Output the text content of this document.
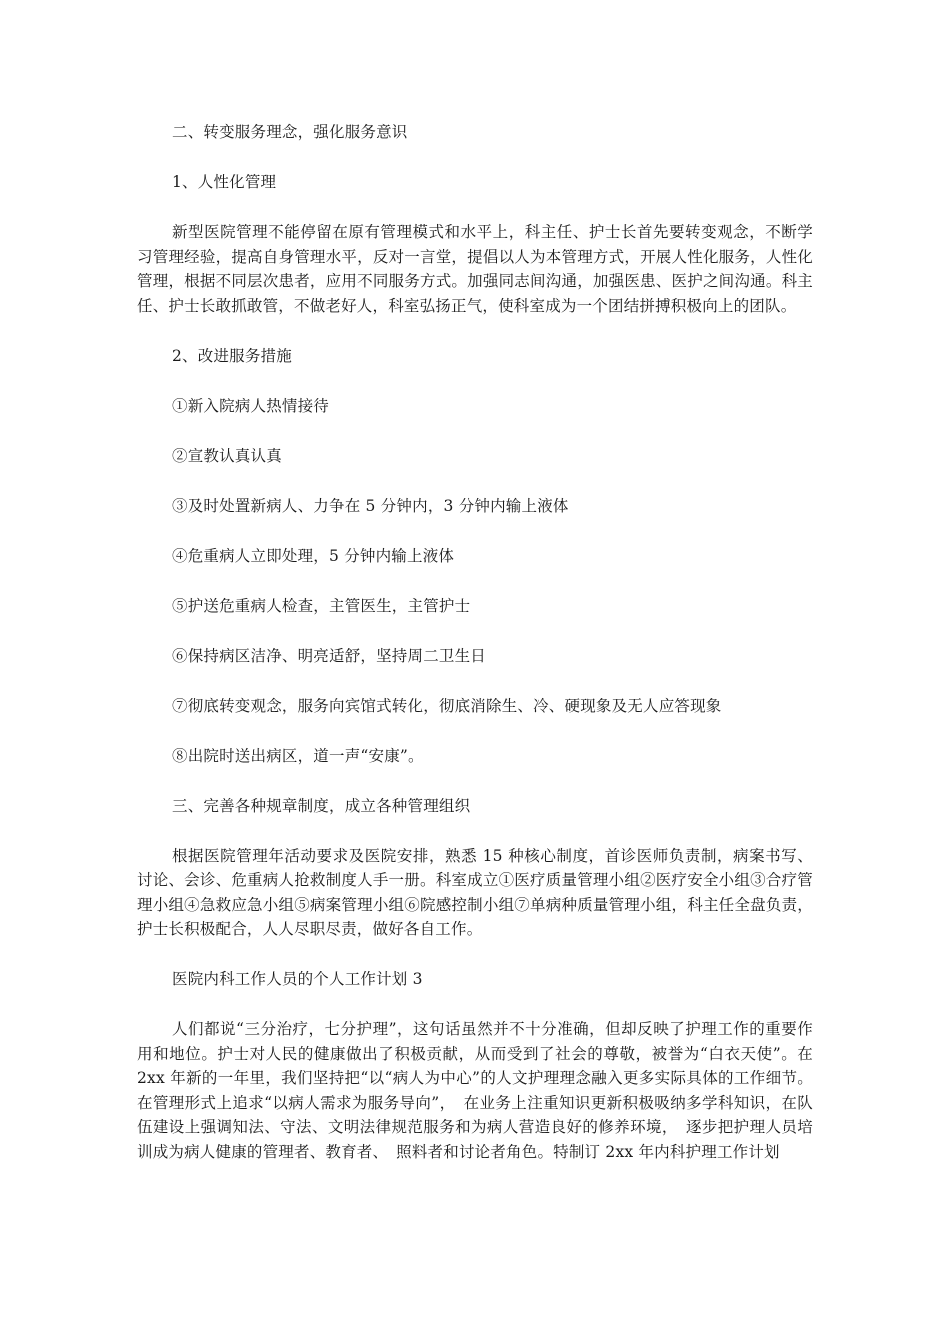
二、转变服务理念，强化服务意识

1、人性化管理

新型医院管理不能停留在原有管理模式和水平上，科主任、护士长首先要转变观念，不断学习管理经验，提高自身管理水平，反对一言堂，提倡以人为本管理方式，开展人性化服务，人性化管理，根据不同层次患者，应用不同服务方式。加强同志间沟通，加强医患、医护之间沟通。科主任、护士长敢抓敢管，不做老好人，科室弘扬正气，使科室成为一个团结拼搏积极向上的团队。

2、改进服务措施

①新入院病人热情接待

②宣教认真认真

③及时处置新病人、力争在 5 分钟内，3 分钟内输上液体

④危重病人立即处理，5 分钟内输上液体

⑤护送危重病人检查，主管医生，主管护士

⑥保持病区洁净、明亮适舒，坚持周二卫生日

⑦彻底转变观念，服务向宾馆式转化，彻底消除生、冷、硬现象及无人应答现象

⑧出院时送出病区，道一声“安康”。

三、完善各种规章制度，成立各种管理组织

根据医院管理年活动要求及医院安排，熟悉 15 种核心制度，首诊医师负责制，病案书写、讨论、会诊、危重病人抢救制度人手一册。科室成立①医疗质量管理小组②医疗安全小组③合疗管理小组④急救应急小组⑤病案管理小组⑥院感控制小组⑦单病种质量管理小组，科主任全盘负责，护士长积极配合，人人尽职尽责，做好各自工作。

医院内科工作人员的个人工作计划 3

人们都说“三分治疗，七分护理”，这句话虽然并不十分准确，但却反映了护理工作的重要作用和地位。护士对人民的健康做出了积极贡献，从而受到了社会的尊敬，被誉为“白衣天使”。在 2xx 年新的一年里，我们坚持把“以“病人为中心”的人文护理理念融入更多实际具体的工作细节。在管理形式上追求“以病人需求为服务导向”，　在业务上注重知识更新积极吸纳多学科知识，在队伍建设上强调知法、守法、文明法律规范服务和为病人营造良好的修养环境，　逐步把护理人员培训成为病人健康的管理者、教育者、　照料者和讨论者角色。特制订 2xx 年内科护理工作计划
